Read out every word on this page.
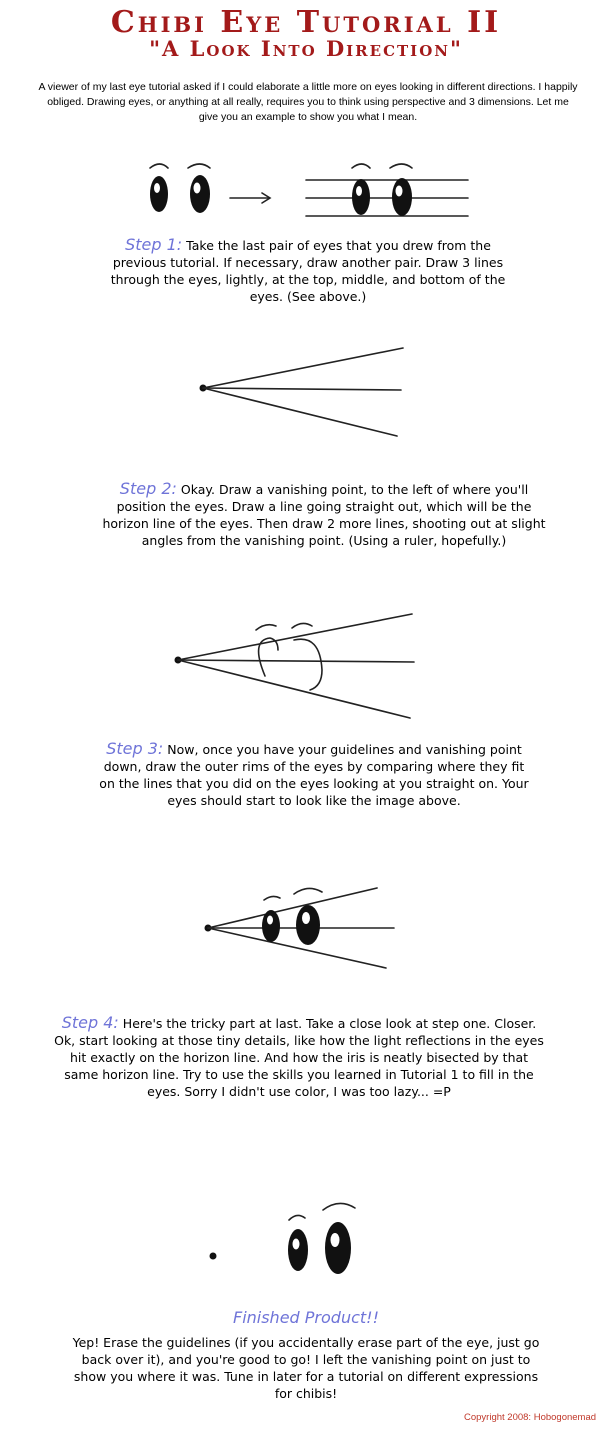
Chibi Eye Tutorial II
"A Look Into Direction"
A viewer of my last eye tutorial asked if I could elaborate a little more on eyes looking in different directions. I happily obliged. Drawing eyes, or anything at all really, requires you to think using perspective and 3 dimensions. Let me give you an example to show you what I mean.
Step 1: Take the last pair of eyes that you drew from the previous tutorial. If necessary, draw another pair. Draw 3 lines through the eyes, lightly, at the top, middle, and bottom of the eyes. (See above.)
Step 2: Okay. Draw a vanishing point, to the left of where you'll position the eyes. Draw a line going straight out, which will be the horizon line of the eyes. Then draw 2 more lines, shooting out at slight angles from the vanishing point. (Using a ruler, hopefully.)
Step 3: Now, once you have your guidelines and vanishing point down, draw the outer rims of the eyes by comparing where they fit on the lines that you did on the eyes looking at you straight on. Your eyes should start to look like the image above.
Step 4: Here's the tricky part at last. Take a close look at step one. Closer. Ok, start looking at those tiny details, like how the light reflections in the eyes hit exactly on the horizon line. And how the iris is neatly bisected by that same horizon line. Try to use the skills you learned in Tutorial 1 to fill in the eyes. Sorry I didn't use color, I was too lazy... =P
Finished Product!!
Yep! Erase the guidelines (if you accidentally erase part of the eye, just go back over it), and you're good to go! I left the vanishing point on just to show you where it was. Tune in later for a tutorial on different expressions for chibis!
Copyright 2008: Hobogonemad
